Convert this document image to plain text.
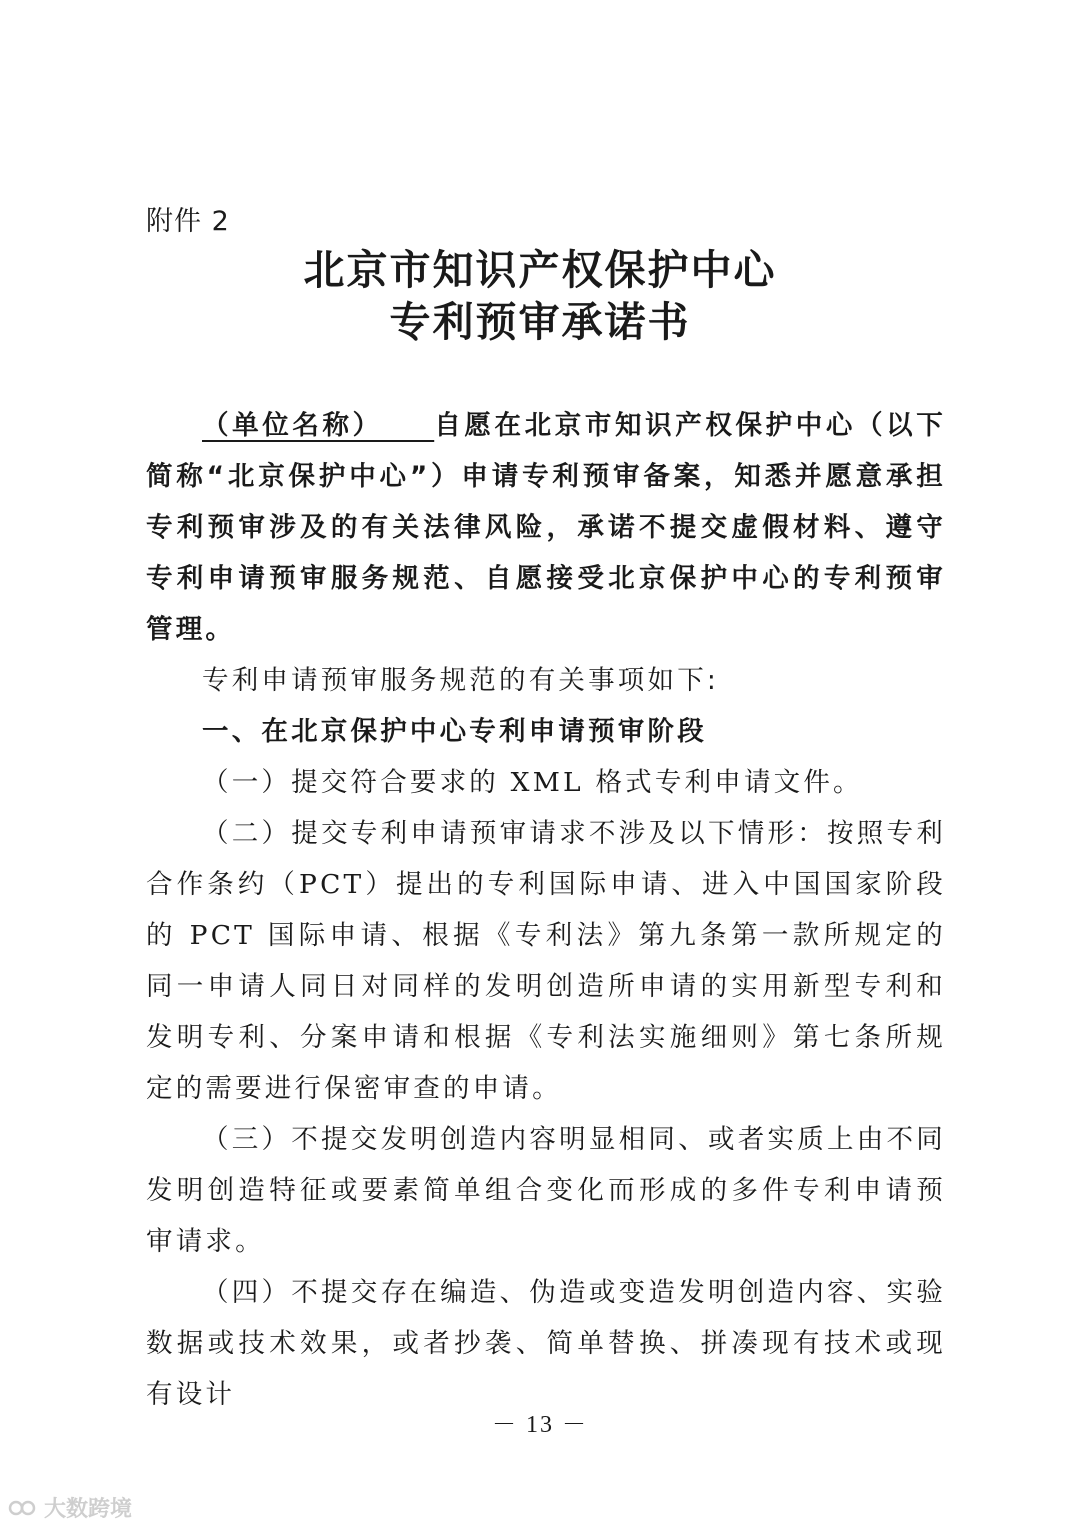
附件 2
北京市知识产权保护中心
专利预审承诺书

（单位名称）    自愿在北京市知识产权保护中心（以下简称“北京保护中心”）申请专利预审备案，知悉并愿意承担专利预审涉及的有关法律风险，承诺不提交虚假材料、遵守专利申请预审服务规范、自愿接受北京保护中心的专利预审管理。

专利申请预审服务规范的有关事项如下:

一、在北京保护中心专利申请预审阶段

（一）提交符合要求的 XML 格式专利申请文件。

（二）提交专利申请预审请求不涉及以下情形：按照专利合作条约（PCT）提出的专利国际申请、进入中国国家阶段的 PCT 国际申请、根据《专利法》第九条第一款所规定的同一申请人同日对同样的发明创造所申请的实用新型专利和发明专利、分案申请和根据《专利法实施细则》第七条所规定的需要进行保密审查的申请。

（三）不提交发明创造内容明显相同、或者实质上由不同发明创造特征或要素简单组合变化而形成的多件专利申请预审请求。

（四）不提交存在编造、伪造或变造发明创造内容、实验数据或技术效果，或者抄袭、简单替换、拼凑现有技术或现有设计

－ 13 －
大数跨境
